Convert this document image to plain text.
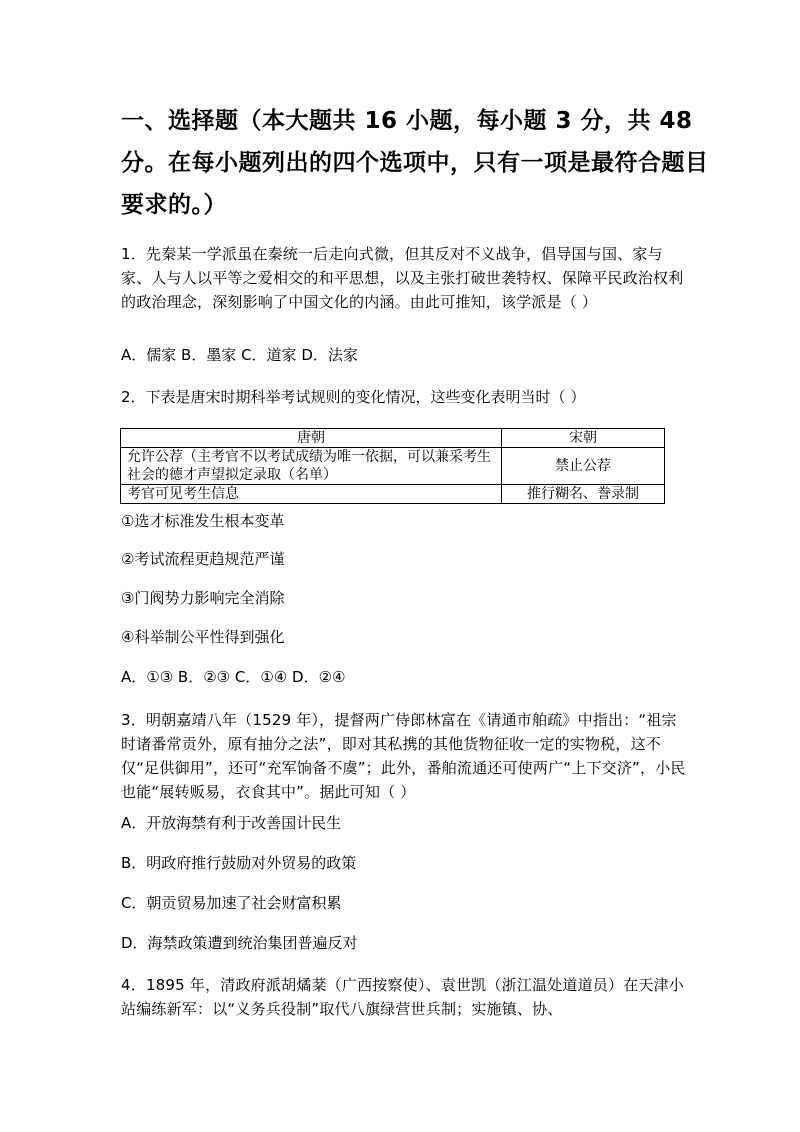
一、选择题（本大题共 16 小题，每小题 3 分，共 48 分。在每小题列出的四个选项中，只有一项是最符合题目要求的。）
1．先秦某一学派虽在秦统一后走向式微，但其反对不义战争，倡导国与国、家与家、人与人以平等之爱相交的和平思想，以及主张打破世袭特权、保障平民政治权利的政治理念，深刻影响了中国文化的内涵。由此可推知，该学派是（ ）
A．儒家 B．墨家 C．道家 D．法家
2．下表是唐宋时期科举考试规则的变化情况，这些变化表明当时（ ）
唐朝	宋朝
允许公荐（主考官不以考试成绩为唯一依据，可以兼采考生社会的德才声望拟定录取（名单）	禁止公荐
考官可见考生信息	推行糊名、誊录制
①选才标准发生根本变革
②考试流程更趋规范严谨
③门阀势力影响完全消除
④科举制公平性得到强化
A．①③ B．②③ C．①④ D．②④
3．明朝嘉靖八年（1529 年），提督两广侍郎林富在《请通市舶疏》中指出：“祖宗时诸番常贡外，原有抽分之法”，即对其私携的其他货物征收一定的实物税，这不仅“足供御用”，还可“充军饷备不虞”；此外，番舶流通还可使两广“上下交济”，小民也能“展转贩易，衣食其中”。据此可知（ ）
A．开放海禁有利于改善国计民生
B．明政府推行鼓励对外贸易的政策
C．朝贡贸易加速了社会财富积累
D．海禁政策遭到统治集团普遍反对
4．1895 年，清政府派胡燏棻（广西按察使）、袁世凯（浙江温处道道员）在天津小站编练新军：以“义务兵役制”取代八旗绿营世兵制；实施镇、协、
